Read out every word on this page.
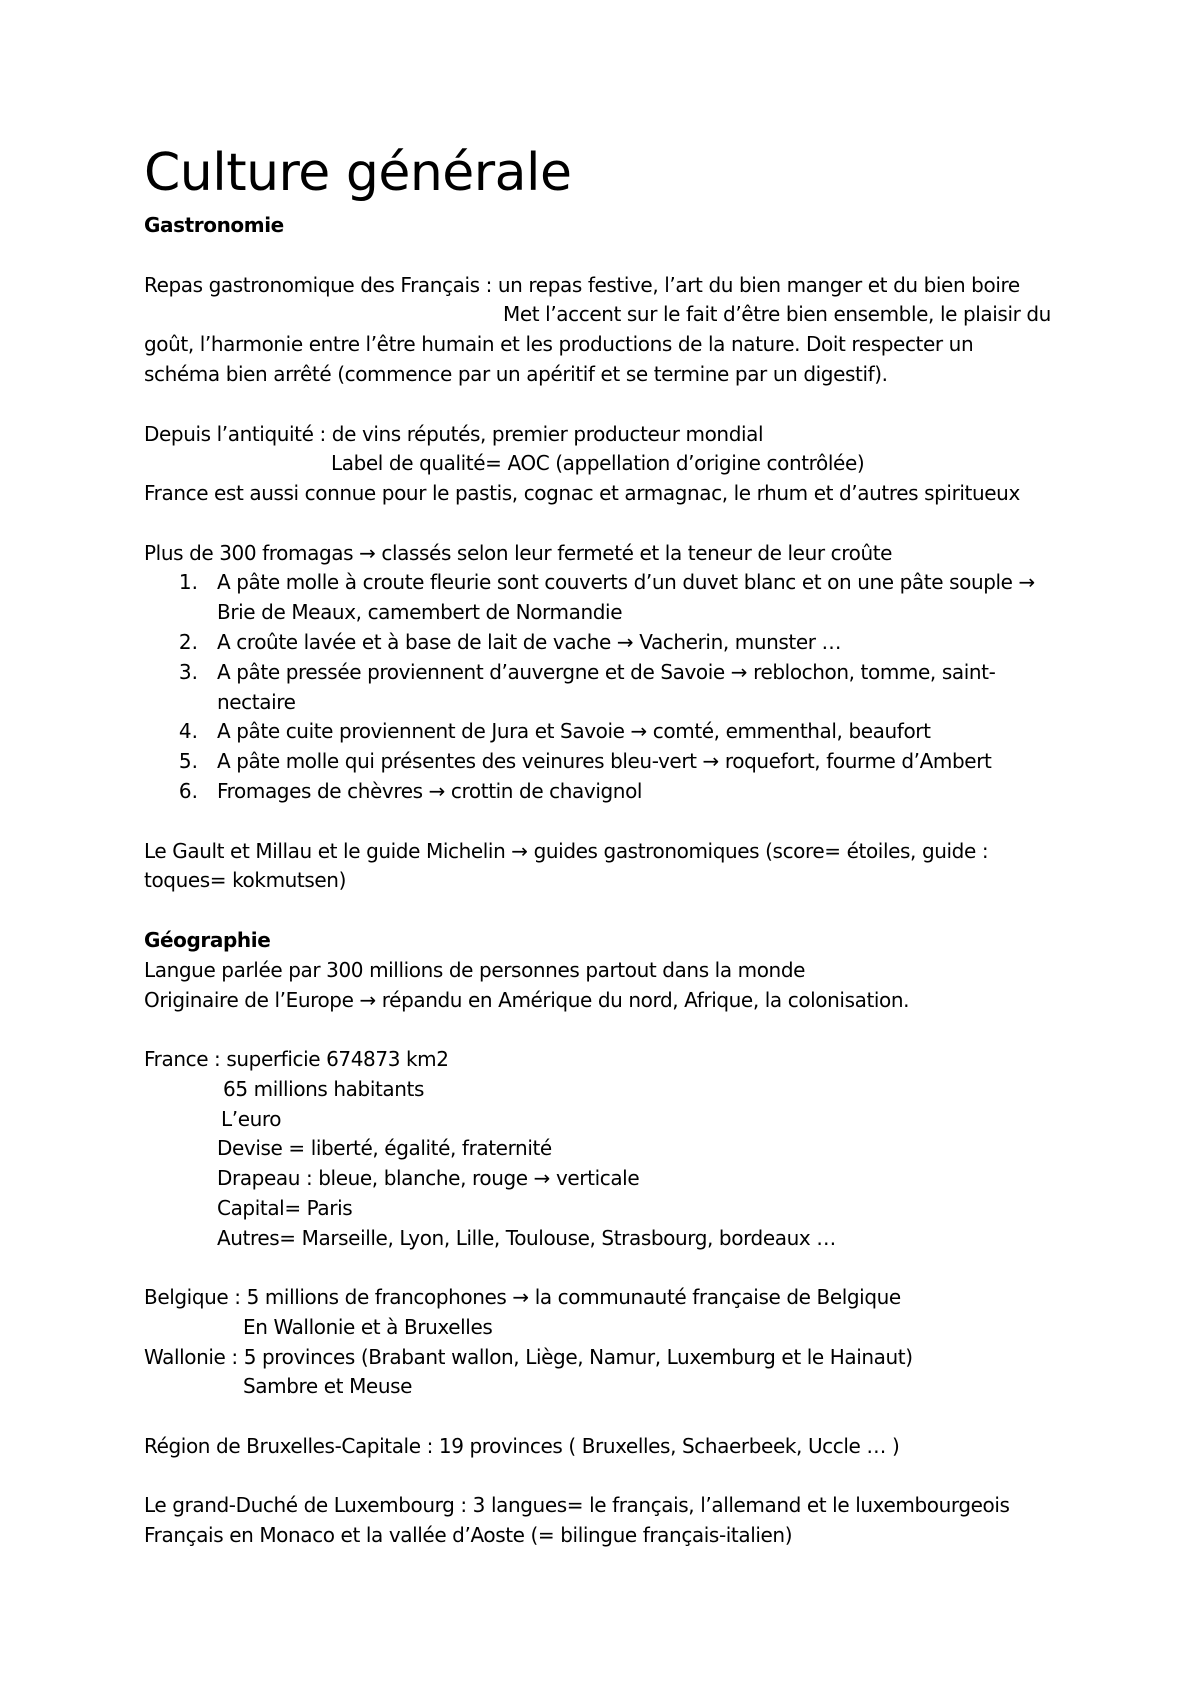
Culture générale
Gastronomie
Repas gastronomique des Français : un repas festive, l’art du bien manger et du bien boire
Met l’accent sur le fait d’être bien ensemble, le plaisir du
goût, l’harmonie entre l’être humain et les productions de la nature. Doit respecter un
schéma bien arrêté (commence par un apéritif et se termine par un digestif).
Depuis l’antiquité : de vins réputés, premier producteur mondial
Label de qualité= AOC (appellation d’origine contrôlée)
France est aussi connue pour le pastis, cognac et armagnac, le rhum et d’autres spiritueux
Plus de 300 fromagas → classés selon leur fermeté et la teneur de leur croûte
1. A pâte molle à croute fleurie sont couverts d’un duvet blanc et on une pâte souple →
Brie de Meaux, camembert de Normandie
2. A croûte lavée et à base de lait de vache → Vacherin, munster …
3. A pâte pressée proviennent d’auvergne et de Savoie → reblochon, tomme, saint-
nectaire
4. A pâte cuite proviennent de Jura et Savoie → comté, emmenthal, beaufort
5. A pâte molle qui présentes des veinures bleu-vert → roquefort, fourme d’Ambert
6. Fromages de chèvres → crottin de chavignol
Le Gault et Millau et le guide Michelin → guides gastronomiques (score= étoiles, guide :
toques= kokmutsen)
Géographie
Langue parlée par 300 millions de personnes partout dans la monde
Originaire de l’Europe → répandu en Amérique du nord, Afrique, la colonisation.
France : superficie 674873 km2
65 millions habitants
L’euro
Devise = liberté, égalité, fraternité
Drapeau : bleue, blanche, rouge → verticale
Capital= Paris
Autres= Marseille, Lyon, Lille, Toulouse, Strasbourg, bordeaux …
Belgique : 5 millions de francophones → la communauté française de Belgique
En Wallonie et à Bruxelles
Wallonie : 5 provinces (Brabant wallon, Liège, Namur, Luxemburg et le Hainaut)
Sambre et Meuse
Région de Bruxelles-Capitale : 19 provinces ( Bruxelles, Schaerbeek, Uccle … )
Le grand-Duché de Luxembourg : 3 langues= le français, l’allemand et le luxembourgeois
Français en Monaco et la vallée d’Aoste (= bilingue français-italien)
